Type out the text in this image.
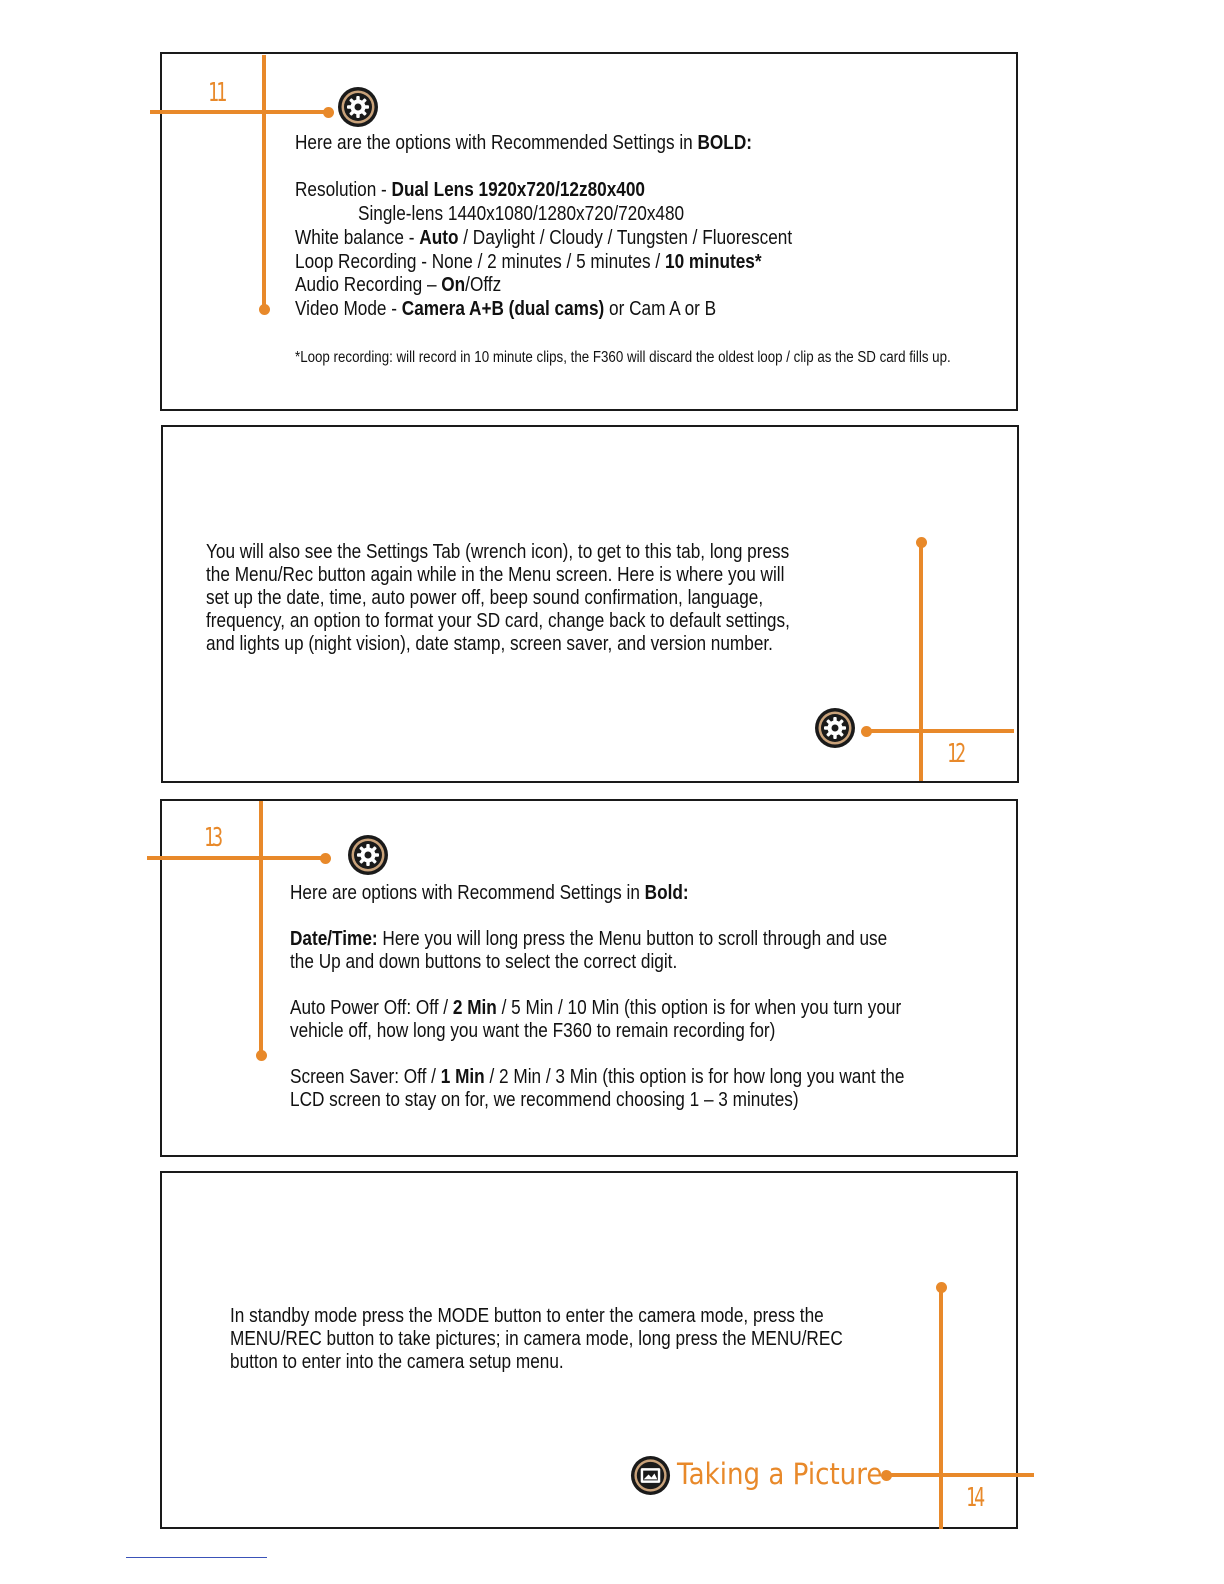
11
Here are the options with Recommended Settings in BOLD:
Resolution - Dual Lens 1920x720/12z80x400
Single-lens 1440x1080/1280x720/720x480
White balance - Auto / Daylight / Cloudy / Tungsten / Fluorescent
Loop Recording - None / 2 minutes / 5 minutes / 10 minutes*
Audio Recording – On/Offz
Video Mode - Camera A+B (dual cams) or Cam A or B
*Loop recording: will record in 10 minute clips, the F360 will discard the oldest loop / clip as the SD card fills up.
12
You will also see the Settings Tab (wrench icon), to get to this tab, long press
the Menu/Rec button again while in the Menu screen. Here is where you will
set up the date, time, auto power off, beep sound confirmation, language,
frequency, an option to format your SD card, change back to default settings,
and lights up (night vision), date stamp, screen saver, and version number.
13
Here are options with Recommend Settings in Bold:
Date/Time: Here you will long press the Menu button to scroll through and use
the Up and down buttons to select the correct digit.
Auto Power Off: Off / 2 Min / 5 Min / 10 Min (this option is for when you turn your
vehicle off, how long you want the F360 to remain recording for)
Screen Saver: Off / 1 Min / 2 Min / 3 Min (this option is for how long you want the
LCD screen to stay on for, we recommend choosing 1 – 3 minutes)
14
In standby mode press the MODE button to enter the camera mode, press the
MENU/REC button to take pictures; in camera mode, long press the MENU/REC
button to enter into the camera setup menu.
Taking a Picture
